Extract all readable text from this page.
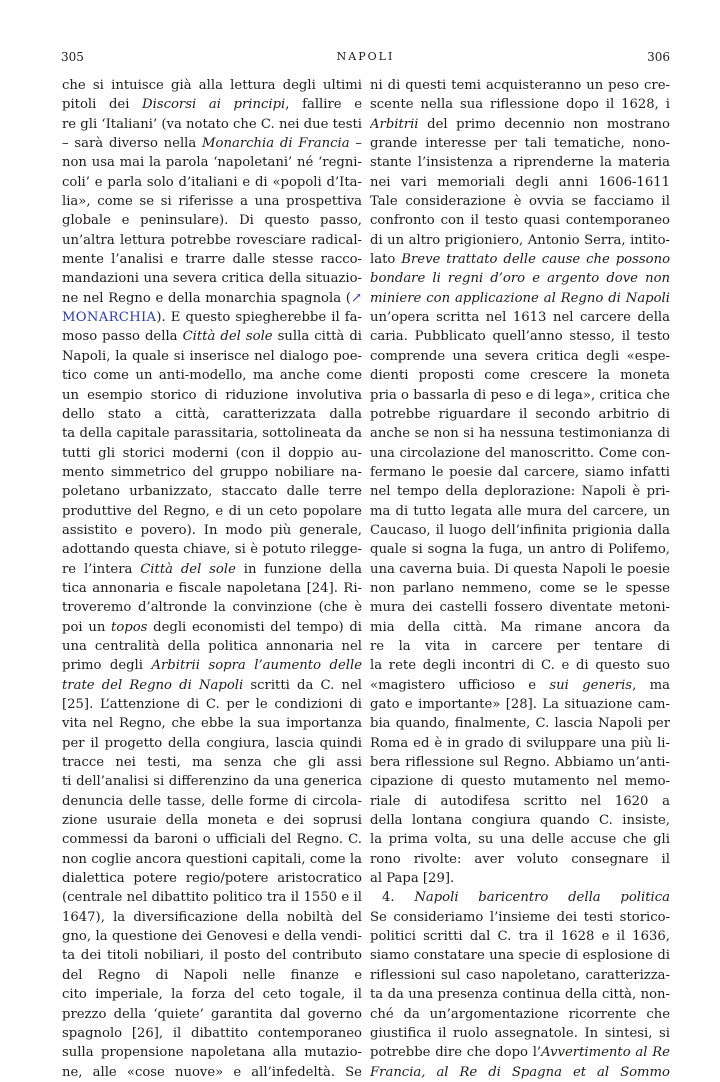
305	NAPOLI	306
che si intuisce già alla lettura degli ultimi
pitoli dei Discorsi ai principi, fallire e
re gli ‘Italiani’ (va notato che C. nei due testi
– sarà diverso nella Monarchia di Francia –
non usa mai la parola ‘napoletani’ né ‘regni-
coli’ e parla solo d’italiani e di «popoli d’Ita-
lia», come se si riferisse a una prospettiva
globale e peninsulare). Di questo passo,
un’altra lettura potrebbe rovesciare radical-
mente l’analisi e trarre dalle stesse racco-
mandazioni una severa critica della situazio-
ne nel Regno e della monarchia spagnola (↗
MONARCHIA). E questo spiegherebbe il fa-
moso passo della Città del sole sulla città di
Napoli, la quale si inserisce nel dialogo poe-
tico come un anti-modello, ma anche come
un esempio storico di riduzione involutiva
dello stato a città, caratterizzata dalla
ta della capitale parassitaria, sottolineata da
tutti gli storici moderni (con il doppio au-
mento simmetrico del gruppo nobiliare na-
poletano urbanizzato, staccato dalle terre
produttive del Regno, e di un ceto popolare
assistito e povero). In modo più generale,
adottando questa chiave, si è potuto rilegge-
re l’intera Città del sole in funzione della
tica annonaria e fiscale napoletana [24]. Ri-
troveremo d’altronde la convinzione (che è
poi un topos degli economisti del tempo) di
una centralità della politica annonaria nel
primo degli Arbitrii sopra l’aumento delle
trate del Regno di Napoli scritti da C. nel
[25]. L’attenzione di C. per le condizioni di
vita nel Regno, che ebbe la sua importanza
per il progetto della congiura, lascia quindi
tracce nei testi, ma senza che gli assi
ti dell’analisi si differenzino da una generica
denuncia delle tasse, delle forme di circola-
zione usuraie della moneta e dei soprusi
commessi da baroni o ufficiali del Regno. C.
non coglie ancora questioni capitali, come la
dialettica potere regio/potere aristocratico
(centrale nel dibattito politico tra il 1550 e il
1647), la diversificazione della nobiltà del
gno, la questione dei Genovesi e della vendi-
ta dei titoli nobiliari, il posto del contributo
del Regno di Napoli nelle finanze e
cito imperiale, la forza del ceto togale, il
prezzo della ‘quiete’ garantita dal governo
spagnolo [26], il dibattito contemporaneo
sulla propensione napoletana alla mutazio-
ne, alle «cose nuove» e all’infedeltà. Se
ni di questi temi acquisteranno un peso cre-
scente nella sua riflessione dopo il 1628, i
Arbitrii del primo decennio non mostrano
grande interesse per tali tematiche, nono-
stante l’insistenza a riprenderne la materia
nei vari memoriali degli anni 1606-1611
Tale considerazione è ovvia se facciamo il
confronto con il testo quasi contemporaneo
di un altro prigioniero, Antonio Serra, intito-
lato Breve trattato delle cause che possono
bondare li regni d’oro e argento dove non
miniere con applicazione al Regno di Napoli
un’opera scritta nel 1613 nel carcere della
caria. Pubblicato quell’anno stesso, il testo
comprende una severa critica degli «espe-
dienti proposti come crescere la moneta
pria o bassarla di peso e di lega», critica che
potrebbe riguardare il secondo arbitrio di
anche se non si ha nessuna testimonianza di
una circolazione del manoscritto. Come con-
fermano le poesie dal carcere, siamo infatti
nel tempo della deplorazione: Napoli è pri-
ma di tutto legata alle mura del carcere, un
Caucaso, il luogo dell’infinita prigionia dalla
quale si sogna la fuga, un antro di Polifemo,
una caverna buia. Di questa Napoli le poesie
non parlano nemmeno, come se le spesse
mura dei castelli fossero diventate metoni-
mia della città. Ma rimane ancora da
re la vita in carcere per tentare di
la rete degli incontri di C. e di questo suo
«magistero ufficioso e sui generis, ma
gato e importante» [28]. La situazione cam-
bia quando, finalmente, C. lascia Napoli per
Roma ed è in grado di sviluppare una più li-
bera riflessione sul Regno. Abbiamo un’anti-
cipazione di questo mutamento nel memo-
riale di autodifesa scritto nel 1620 a
della lontana congiura quando C. insiste,
la prima volta, su una delle accuse che gli
rono rivolte: aver voluto consegnare il
al Papa [29].
4. Napoli baricentro della politica
Se consideriamo l’insieme dei testi storico-
politici scritti dal C. tra il 1628 e il 1636,
siamo constatare una specie di esplosione di
riflessioni sul caso napoletano, caratterizza-
ta da una presenza continua della città, non-
ché da un’argomentazione ricorrente che
giustifica il ruolo assegnatole. In sintesi, si
potrebbe dire che dopo l’Avvertimento al Re
Francia, al Re di Spagna et al Sommo
